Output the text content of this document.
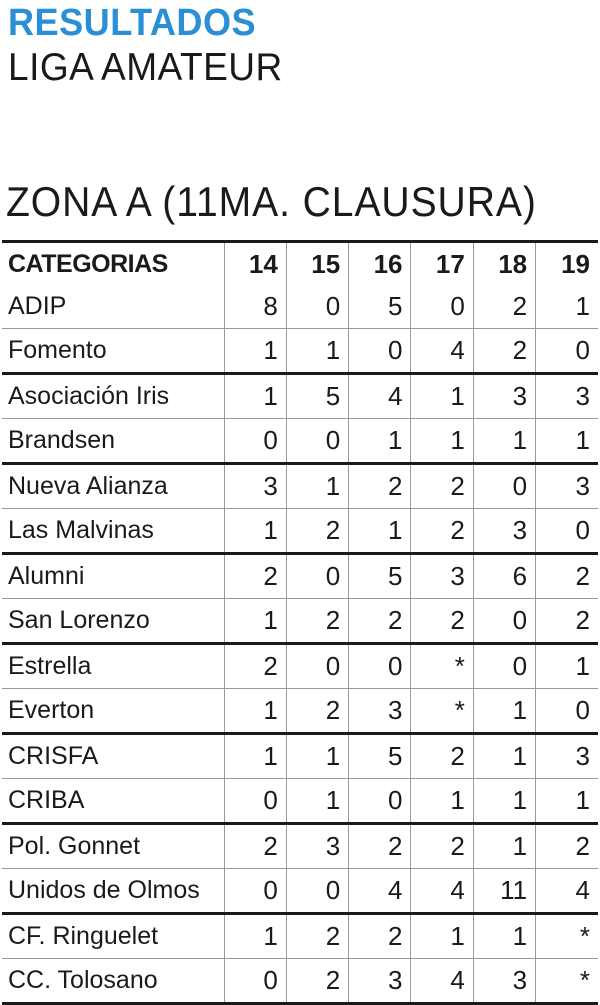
RESULTADOS
LIGA AMATEUR
ZONA A (11MA. CLAUSURA)
CATEGORIAS	14	15	16	17	18	19
ADIP	8	0	5	0	2	1
Fomento	1	1	0	4	2	0
Asociación Iris	1	5	4	1	3	3
Brandsen	0	0	1	1	1	1
Nueva Alianza	3	1	2	2	0	3
Las Malvinas	1	2	1	2	3	0
Alumni	2	0	5	3	6	2
San Lorenzo	1	2	2	2	0	2
Estrella	2	0	0	*	0	1
Everton	1	2	3	*	1	0
CRISFA	1	1	5	2	1	3
CRIBA	0	1	0	1	1	1
Pol. Gonnet	2	3	2	2	1	2
Unidos de Olmos	0	0	4	4	11	4
CF. Ringuelet	1	2	2	1	1	*
CC. Tolosano	0	2	3	4	3	*
